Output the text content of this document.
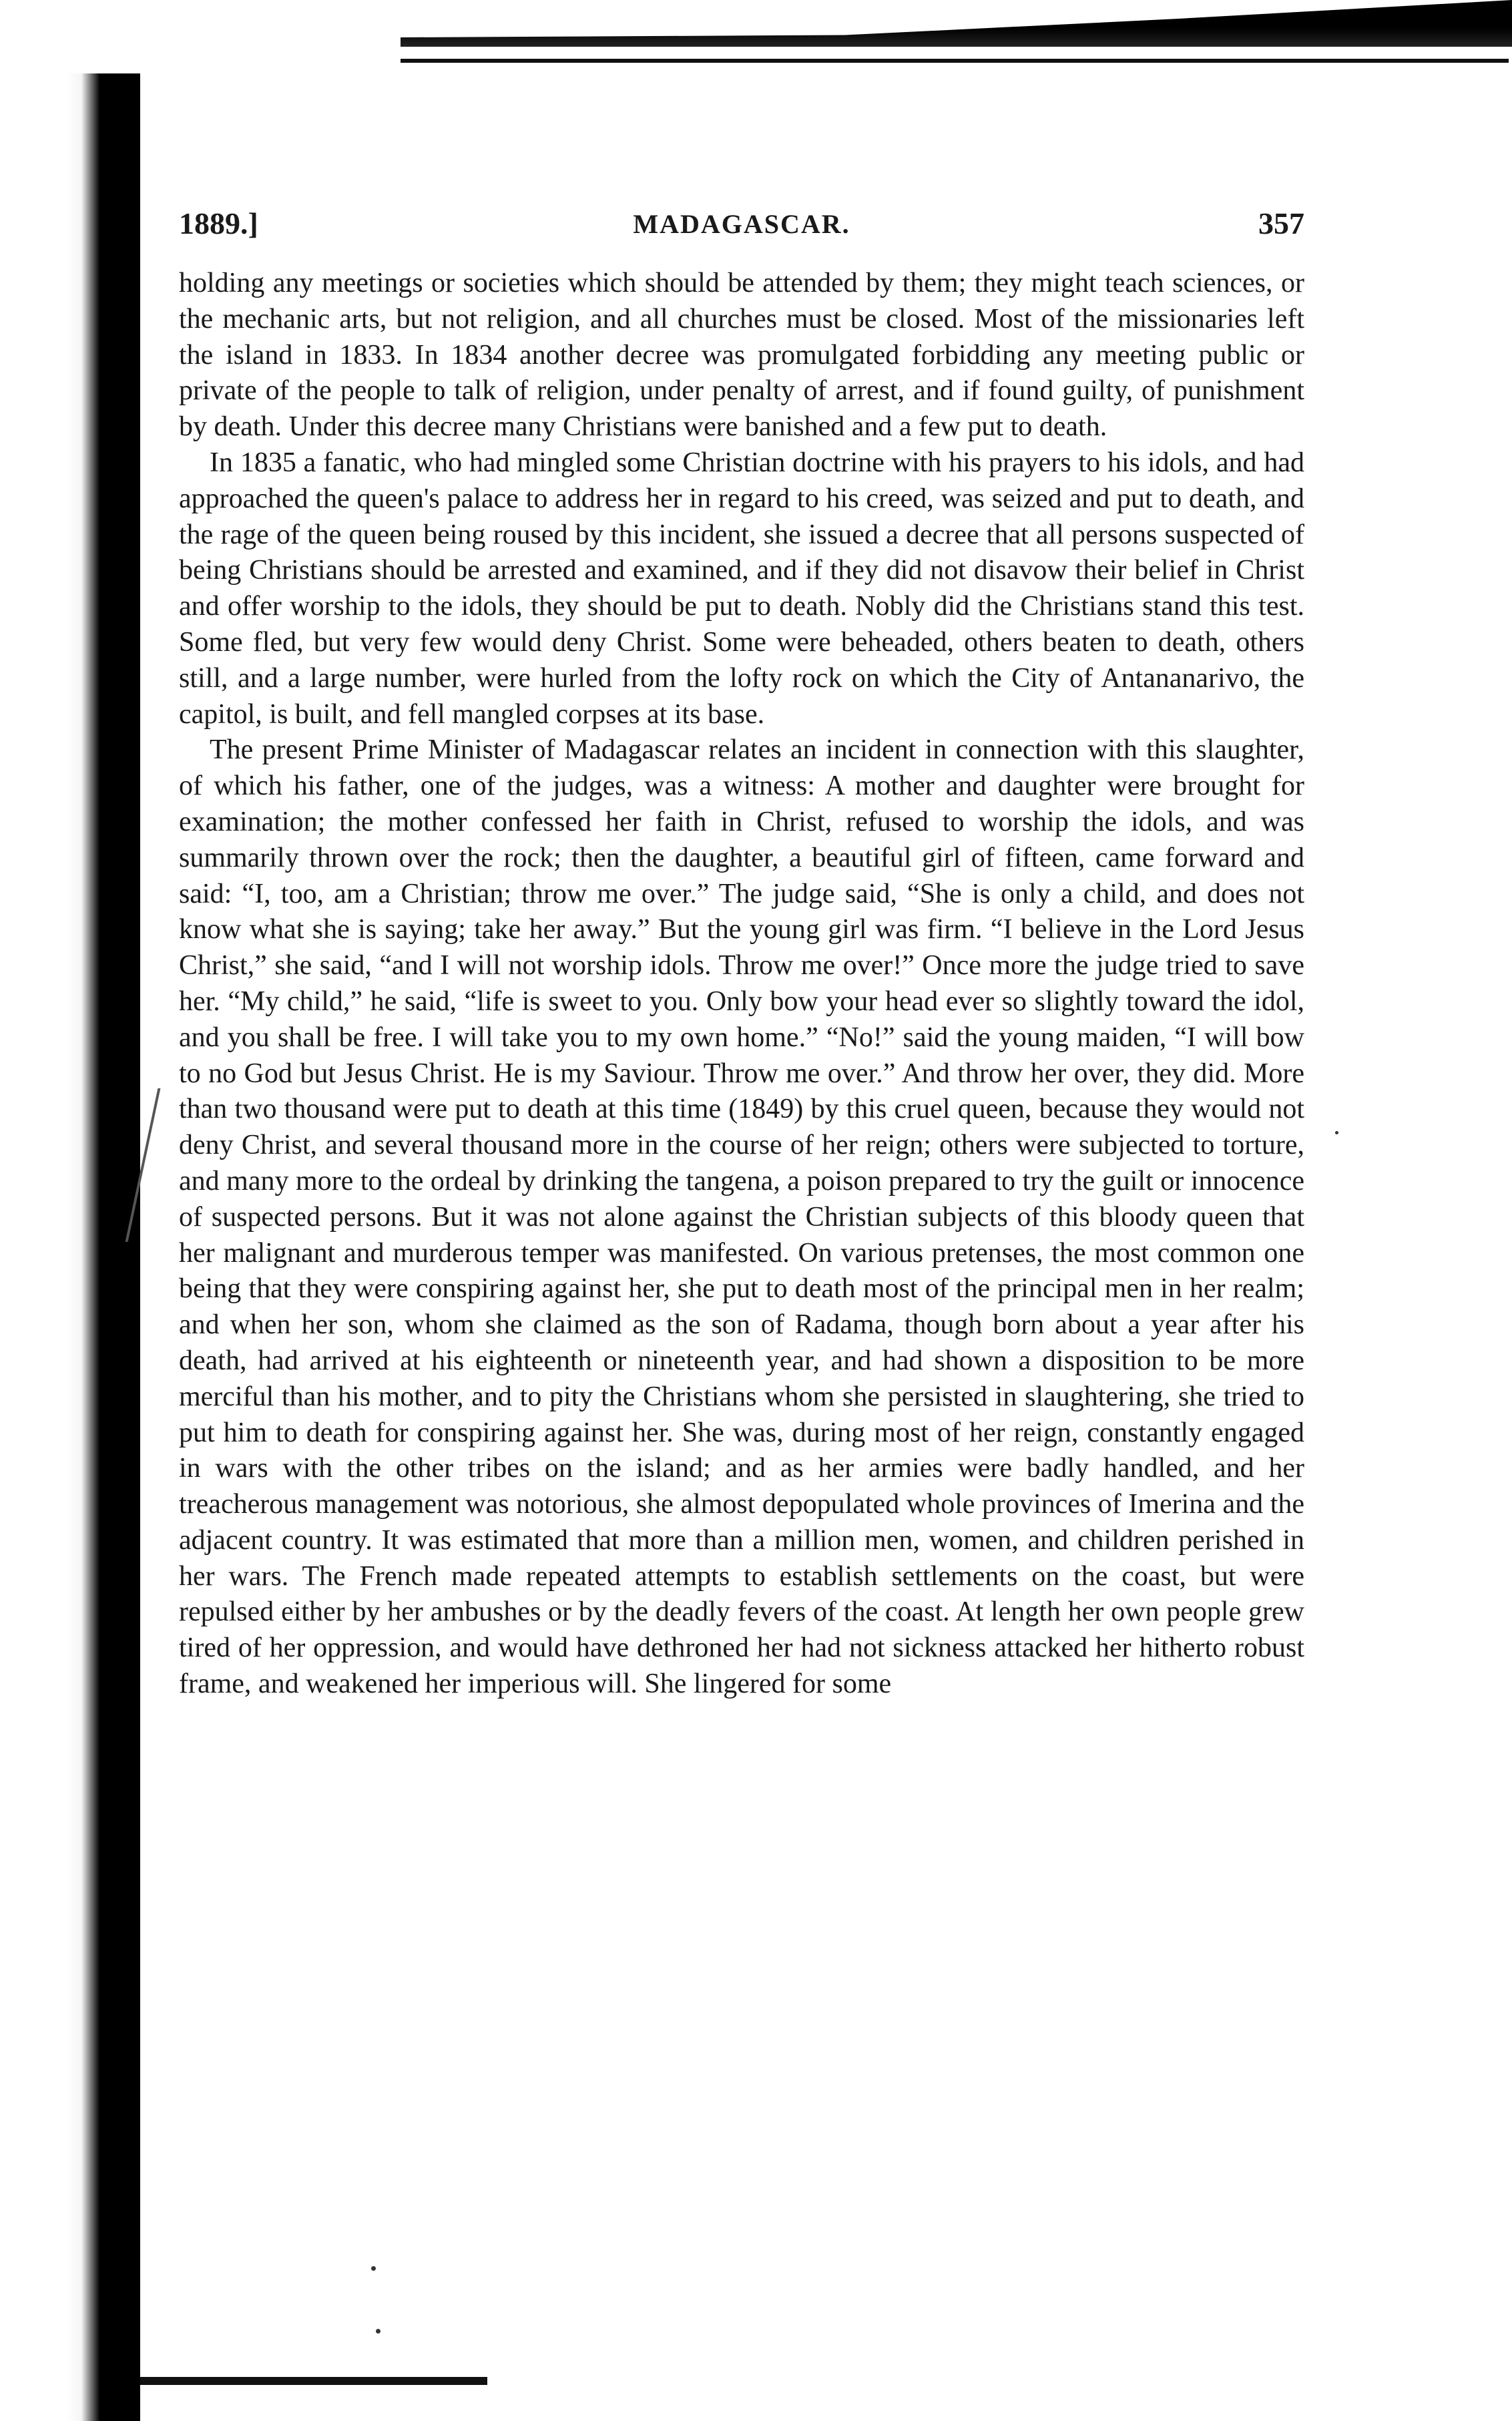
1889.]	MADAGASCAR.	357

holding any meetings or societies which should be attended by them; they might teach sciences, or the mechanic arts, but not religion, and all churches must be closed. Most of the missionaries left the island in 1833. In 1834 another decree was promulgated forbidding any meeting public or private of the people to talk of religion, under penalty of arrest, and if found guilty, of punishment by death. Under this decree many Christians were banished and a few put to death.

In 1835 a fanatic, who had mingled some Christian doctrine with his prayers to his idols, and had approached the queen's palace to address her in regard to his creed, was seized and put to death, and the rage of the queen being roused by this incident, she issued a decree that all persons suspected of being Christians should be arrested and examined, and if they did not disavow their belief in Christ and offer worship to the idols, they should be put to death. Nobly did the Christians stand this test. Some fled, but very few would deny Christ. Some were beheaded, others beaten to death, others still, and a large number, were hurled from the lofty rock on which the City of Antananarivo, the capitol, is built, and fell mangled corpses at its base.

The present Prime Minister of Madagascar relates an incident in connection with this slaughter, of which his father, one of the judges, was a witness: A mother and daughter were brought for examination; the mother confessed her faith in Christ, refused to worship the idols, and was summarily thrown over the rock; then the daughter, a beautiful girl of fifteen, came forward and said: “I, too, am a Christian; throw me over.” The judge said, “She is only a child, and does not know what she is saying; take her away.” But the young girl was firm. “I believe in the Lord Jesus Christ,” she said, “and I will not worship idols. Throw me over!” Once more the judge tried to save her. “My child,” he said, “life is sweet to you. Only bow your head ever so slightly toward the idol, and you shall be free. I will take you to my own home.” “No!” said the young maiden, “I will bow to no God but Jesus Christ. He is my Saviour. Throw me over.” And throw her over, they did. More than two thousand were put to death at this time (1849) by this cruel queen, because they would not deny Christ, and several thousand more in the course of her reign; others were subjected to torture, and many more to the ordeal by drinking the tangena, a poison prepared to try the guilt or innocence of suspected persons. But it was not alone against the Christian subjects of this bloody queen that her malignant and murderous temper was manifested. On various pretenses, the most common one being that they were conspiring against her, she put to death most of the principal men in her realm; and when her son, whom she claimed as the son of Radama, though born about a year after his death, had arrived at his eighteenth or nineteenth year, and had shown a disposition to be more merciful than his mother, and to pity the Christians whom she persisted in slaughtering, she tried to put him to death for conspiring against her. She was, during most of her reign, constantly engaged in wars with the other tribes on the island; and as her armies were badly handled, and her treacherous management was notorious, she almost depopulated whole provinces of Imerina and the adjacent country. It was estimated that more than a million men, women, and children perished in her wars. The French made repeated attempts to establish settlements on the coast, but were repulsed either by her ambushes or by the deadly fevers of the coast. At length her own people grew tired of her oppression, and would have dethroned her had not sickness attacked her hitherto robust frame, and weakened her imperious will. She lingered for some
